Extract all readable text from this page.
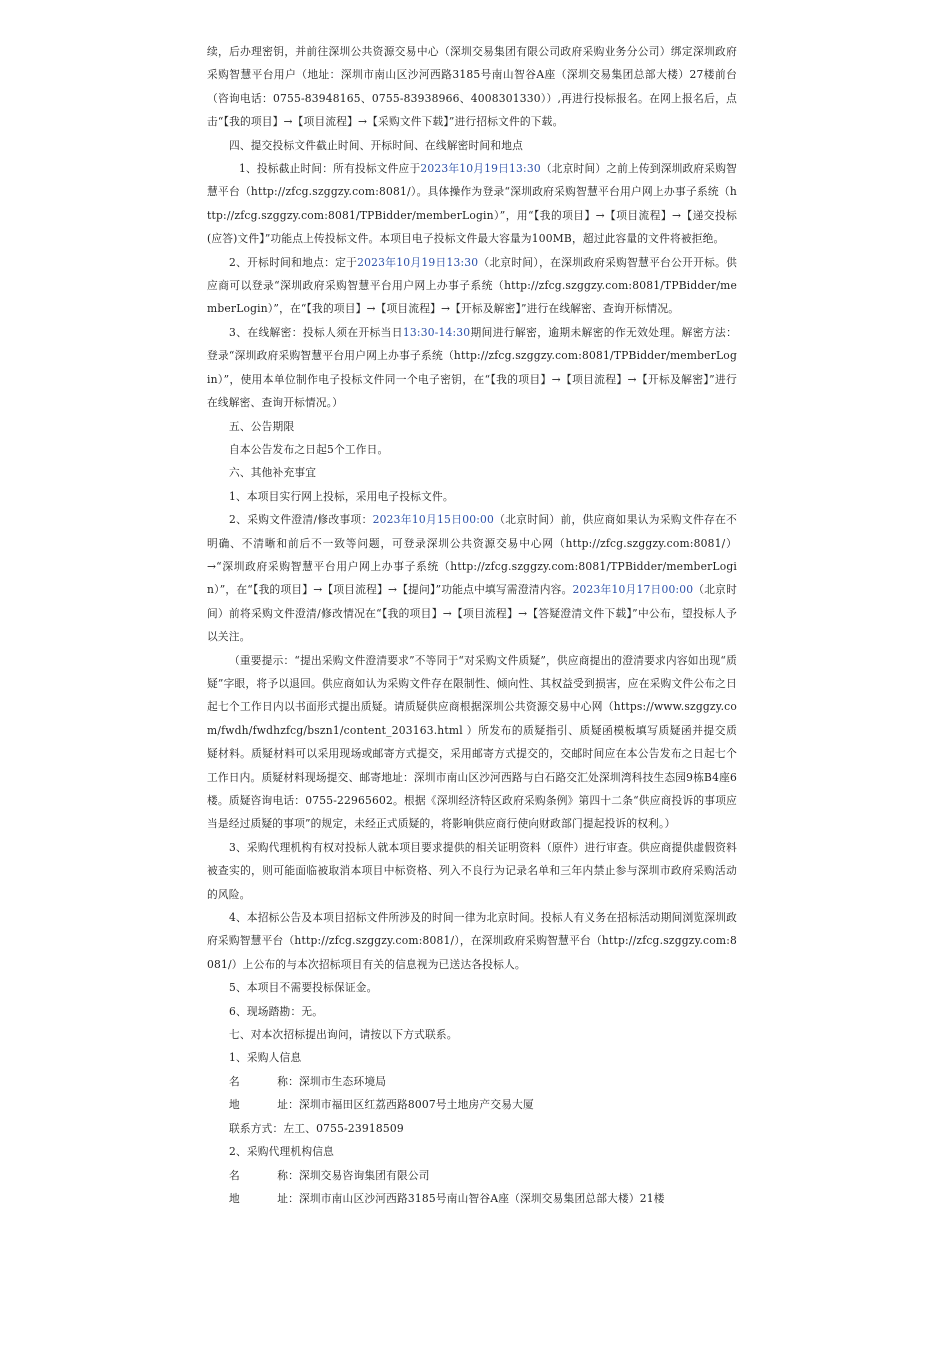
续，后办理密钥，并前往深圳公共资源交易中心（深圳交易集团有限公司政府采购业务分公司）绑定深圳政府采购智慧平台用户（地址：深圳市南山区沙河西路3185号南山智谷A座（深圳交易集团总部大楼）27楼前台（咨询电话：0755-83948165、0755-83938966、4008301330））,再进行投标报名。在网上报名后，点击“【我的项目】→【项目流程】→【采购文件下载】”进行招标文件的下载。

四、提交投标文件截止时间、开标时间、在线解密时间和地点

1、投标截止时间：所有投标文件应于2023年10月19日13:30（北京时间）之前上传到深圳政府采购智慧平台（http://zfcg.szggzy.com:8081/）。具体操作为登录“深圳政府采购智慧平台用户网上办事子系统（http://zfcg.szggzy.com:8081/TPBidder/memberLogin）”，用“【我的项目】→【项目流程】→【递交投标(应答)文件】”功能点上传投标文件。本项目电子投标文件最大容量为100MB，超过此容量的文件将被拒绝。

2、开标时间和地点：定于2023年10月19日13:30（北京时间），在深圳政府采购智慧平台公开开标。供应商可以登录“深圳政府采购智慧平台用户网上办事子系统（http://zfcg.szggzy.com:8081/TPBidder/memberLogin）”，在“【我的项目】→【项目流程】→【开标及解密】”进行在线解密、查询开标情况。

3、在线解密：投标人须在开标当日13:30-14:30期间进行解密，逾期未解密的作无效处理。解密方法：登录“深圳政府采购智慧平台用户网上办事子系统（http://zfcg.szggzy.com:8081/TPBidder/memberLogin）”，使用本单位制作电子投标文件同一个电子密钥，在“【我的项目】→【项目流程】→【开标及解密】”进行在线解密、查询开标情况。）

五、公告期限

自本公告发布之日起5个工作日。

六、其他补充事宜

1、本项目实行网上投标，采用电子投标文件。

2、采购文件澄清/修改事项：2023年10月15日00:00（北京时间）前，供应商如果认为采购文件存在不明确、不清晰和前后不一致等问题，可登录深圳公共资源交易中心网（http://zfcg.szggzy.com:8081/）→“深圳政府采购智慧平台用户网上办事子系统（http://zfcg.szggzy.com:8081/TPBidder/memberLogin）”，在“【我的项目】→【项目流程】→【提问】”功能点中填写需澄清内容。2023年10月17日00:00（北京时间）前将采购文件澄清/修改情况在“【我的项目】→【项目流程】→【答疑澄清文件下载】”中公布，望投标人予以关注。

（重要提示：“提出采购文件澄清要求”不等同于“对采购文件质疑”，供应商提出的澄清要求内容如出现“质疑”字眼，将予以退回。供应商如认为采购文件存在限制性、倾向性、其权益受到损害，应在采购文件公布之日起七个工作日内以书面形式提出质疑。请质疑供应商根据深圳公共资源交易中心网（https://www.szggzy.com/fwdh/fwdhzfcg/bszn1/content_203163.html ）所发布的质疑指引、质疑函模板填写质疑函并提交质疑材料。质疑材料可以采用现场或邮寄方式提交，采用邮寄方式提交的，交邮时间应在本公告发布之日起七个工作日内。质疑材料现场提交、邮寄地址：深圳市南山区沙河西路与白石路交汇处深圳湾科技生态园9栋B4座6楼。质疑咨询电话：0755-22965602。根据《深圳经济特区政府采购条例》第四十二条“供应商投诉的事项应当是经过质疑的事项”的规定，未经正式质疑的，将影响供应商行使向财政部门提起投诉的权利。）

3、采购代理机构有权对投标人就本项目要求提供的相关证明资料（原件）进行审查。供应商提供虚假资料被查实的，则可能面临被取消本项目中标资格、列入不良行为记录名单和三年内禁止参与深圳市政府采购活动的风险。

4、本招标公告及本项目招标文件所涉及的时间一律为北京时间。投标人有义务在招标活动期间浏览深圳政府采购智慧平台（http://zfcg.szggzy.com:8081/），在深圳政府采购智慧平台（http://zfcg.szggzy.com:8081/）上公布的与本次招标项目有关的信息视为已送达各投标人。

5、本项目不需要投标保证金。

6、现场踏勘：无。

七、对本次招标提出询问，请按以下方式联系。

1、采购人信息

名	称： 深圳市生态环境局
地	址： 深圳市福田区红荔西路8007号土地房产交易大厦

联系方式：左工、0755-23918509

2、采购代理机构信息

名	称： 深圳交易咨询集团有限公司
地	址： 深圳市南山区沙河西路3185号南山智谷A座（深圳交易集团总部大楼）21楼
